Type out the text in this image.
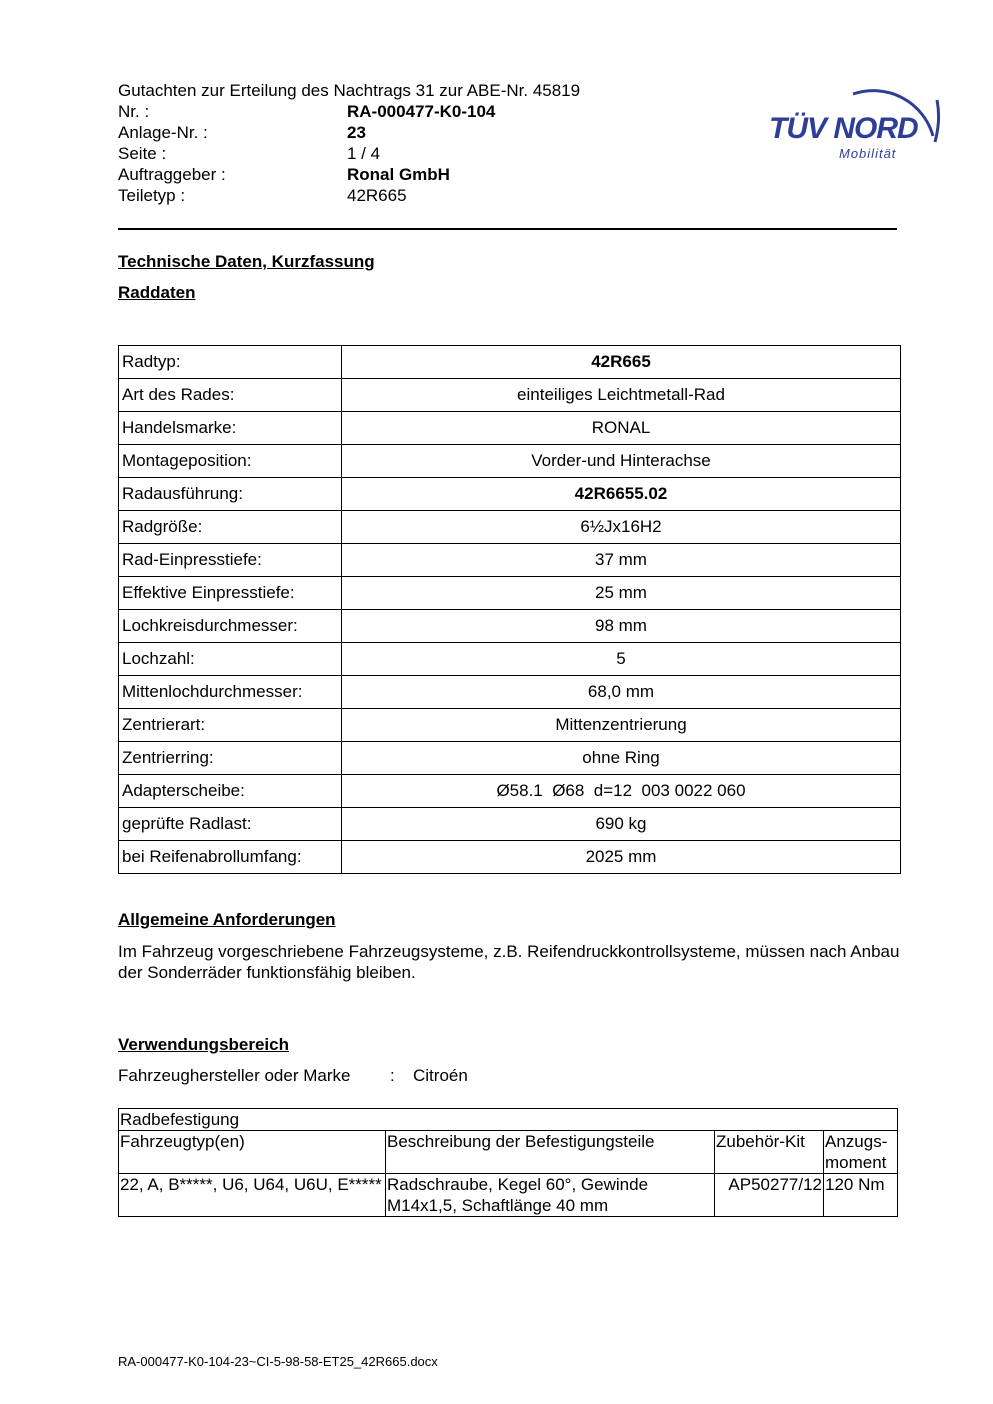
Gutachten zur Erteilung des Nachtrags 31 zur ABE-Nr. 45819
Nr. :	RA-000477-K0-104
Anlage-Nr. :	23
Seite :	1 / 4
Auftraggeber :	Ronal GmbH
Teiletyp :	42R665
TÜV NORD
Mobilität
Technische Daten, Kurzfassung
Raddaten
Radtyp:	42R665
Art des Rades:	einteiliges Leichtmetall-Rad
Handelsmarke:	RONAL
Montageposition:	Vorder-und Hinterachse
Radausführung:	42R6655.02
Radgröße:	6½Jx16H2
Rad-Einpresstiefe:	37 mm
Effektive Einpresstiefe:	25 mm
Lochkreisdurchmesser:	98 mm
Lochzahl:	5
Mittenlochdurchmesser:	68,0 mm
Zentrierart:	Mittenzentrierung
Zentrierring:	ohne Ring
Adapterscheibe:	Ø58.1  Ø68  d=12  003 0022 060
geprüfte Radlast:	690 kg
bei Reifenabrollumfang:	2025 mm
Allgemeine Anforderungen
Im Fahrzeug vorgeschriebene Fahrzeugsysteme, z.B. Reifendruckkontrollsysteme, müssen nach Anbau der Sonderräder funktionsfähig bleiben.
Verwendungsbereich
Fahrzeughersteller oder Marke	:	Citroén
Radbefestigung			
Fahrzeugtyp(en)	Beschreibung der Befestigungsteile	Zubehör-Kit	Anzugs-moment
22, A, B*****, U6, U64, U6U, E*****	Radschraube, Kegel 60°, Gewinde M14x1,5, Schaftlänge 40 mm	AP50277/12	120 Nm
RA-000477-K0-104-23~CI-5-98-58-ET25_42R665.docx
